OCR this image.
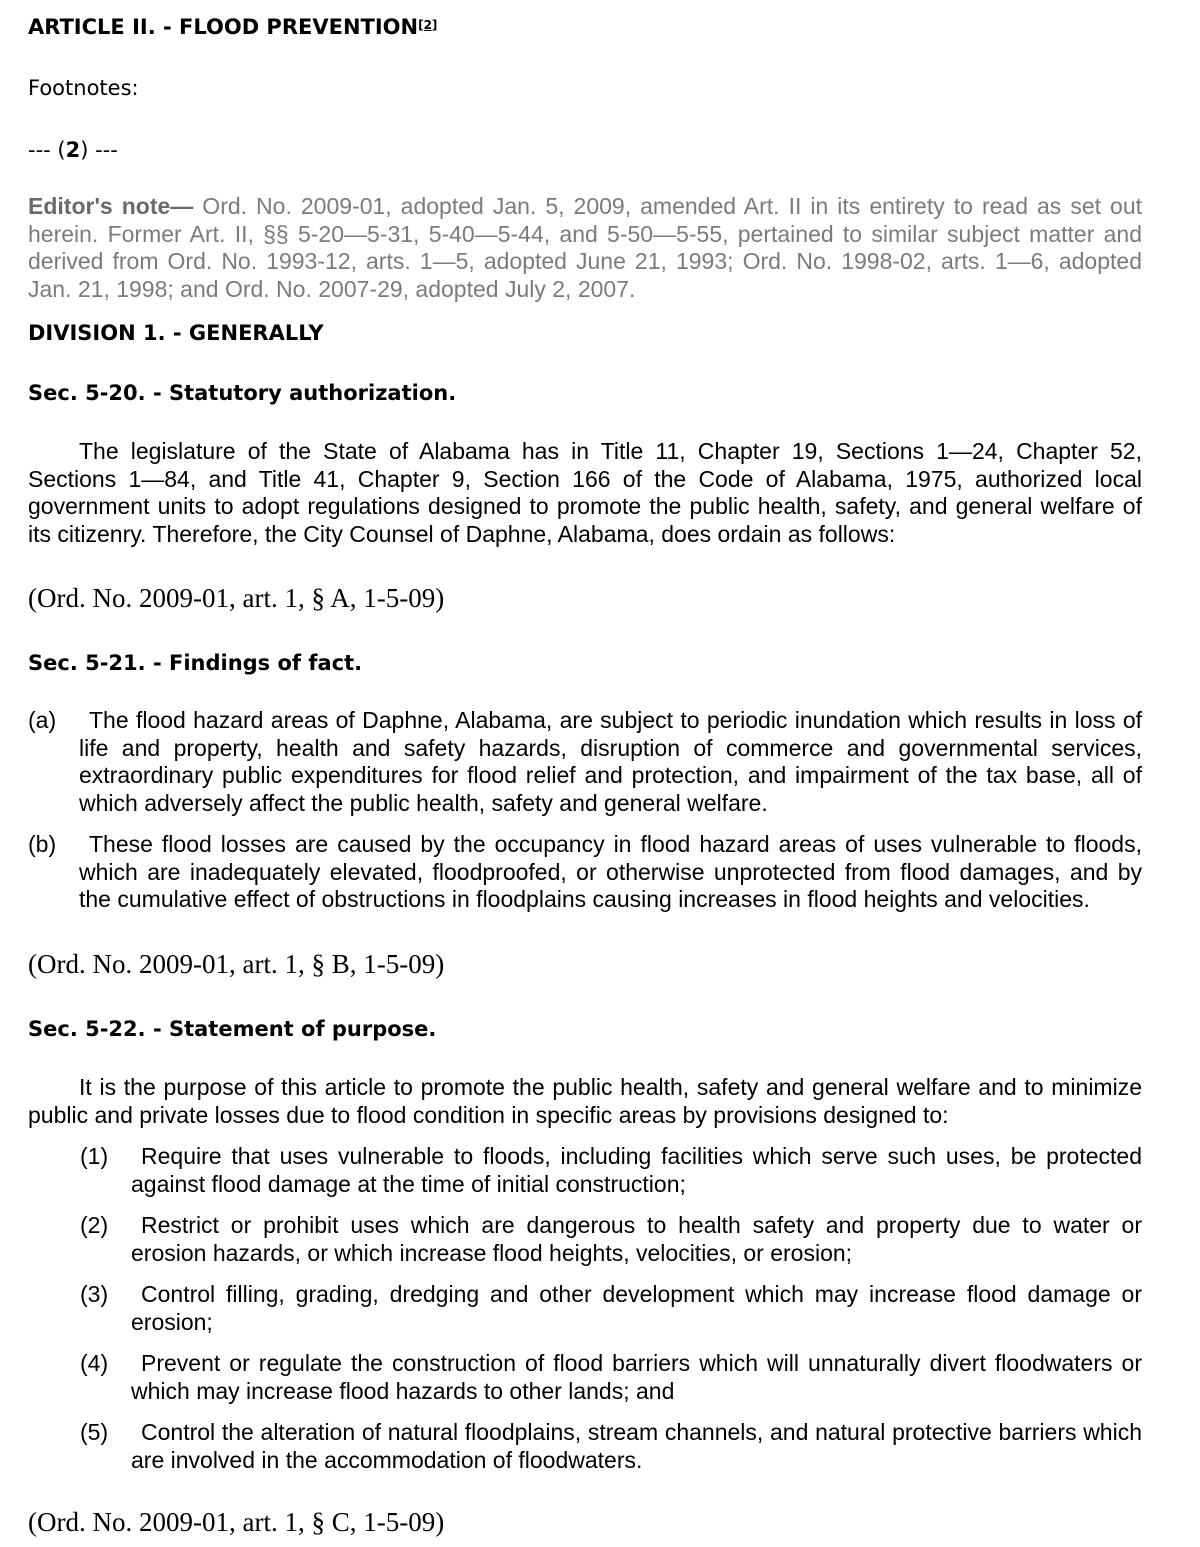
ARTICLE II. - FLOOD PREVENTION[2]

Footnotes:

--- (2) ---

Editor's note— Ord. No. 2009-01, adopted Jan. 5, 2009, amended Art. II in its entirety to read as set out herein. Former Art. II, §§ 5-20—5-31, 5-40—5-44, and 5-50—5-55, pertained to similar subject matter and derived from Ord. No. 1993-12, arts. 1—5, adopted June 21, 1993; Ord. No. 1998-02, arts. 1—6, adopted Jan. 21, 1998; and Ord. No. 2007-29, adopted July 2, 2007.

DIVISION 1. - GENERALLY
Sec. 5-20. - Statutory authorization.

The legislature of the State of Alabama has in Title 11, Chapter 19, Sections 1—24, Chapter 52, Sections 1—84, and Title 41, Chapter 9, Section 166 of the Code of Alabama, 1975, authorized local government units to adopt regulations designed to promote the public health, safety, and general welfare of its citizenry. Therefore, the City Counsel of Daphne, Alabama, does ordain as follows:

(Ord. No. 2009-01, art. 1, § A, 1-5-09)

Sec. 5-21. - Findings of fact.
(a)	The flood hazard areas of Daphne, Alabama, are subject to periodic inundation which results in loss of life and property, health and safety hazards, disruption of commerce and governmental services, extraordinary public expenditures for flood relief and protection, and impairment of the tax base, all of which adversely affect the public health, safety and general welfare.
(b)	These flood losses are caused by the occupancy in flood hazard areas of uses vulnerable to floods, which are inadequately elevated, floodproofed, or otherwise unprotected from flood damages, and by the cumulative effect of obstructions in floodplains causing increases in flood heights and velocities.

(Ord. No. 2009-01, art. 1, § B, 1-5-09)

Sec. 5-22. - Statement of purpose.

It is the purpose of this article to promote the public health, safety and general welfare and to minimize public and private losses due to flood condition in specific areas by provisions designed to:

(1)	Require that uses vulnerable to floods, including facilities which serve such uses, be protected against flood damage at the time of initial construction;
(2)	Restrict or prohibit uses which are dangerous to health safety and property due to water or erosion hazards, or which increase flood heights, velocities, or erosion;
(3)	Control filling, grading, dredging and other development which may increase flood damage or erosion;
(4)	Prevent or regulate the construction of flood barriers which will unnaturally divert floodwaters or which may increase flood hazards to other lands; and
(5)	Control the alteration of natural floodplains, stream channels, and natural protective barriers which are involved in the accommodation of floodwaters.

(Ord. No. 2009-01, art. 1, § C, 1-5-09)
